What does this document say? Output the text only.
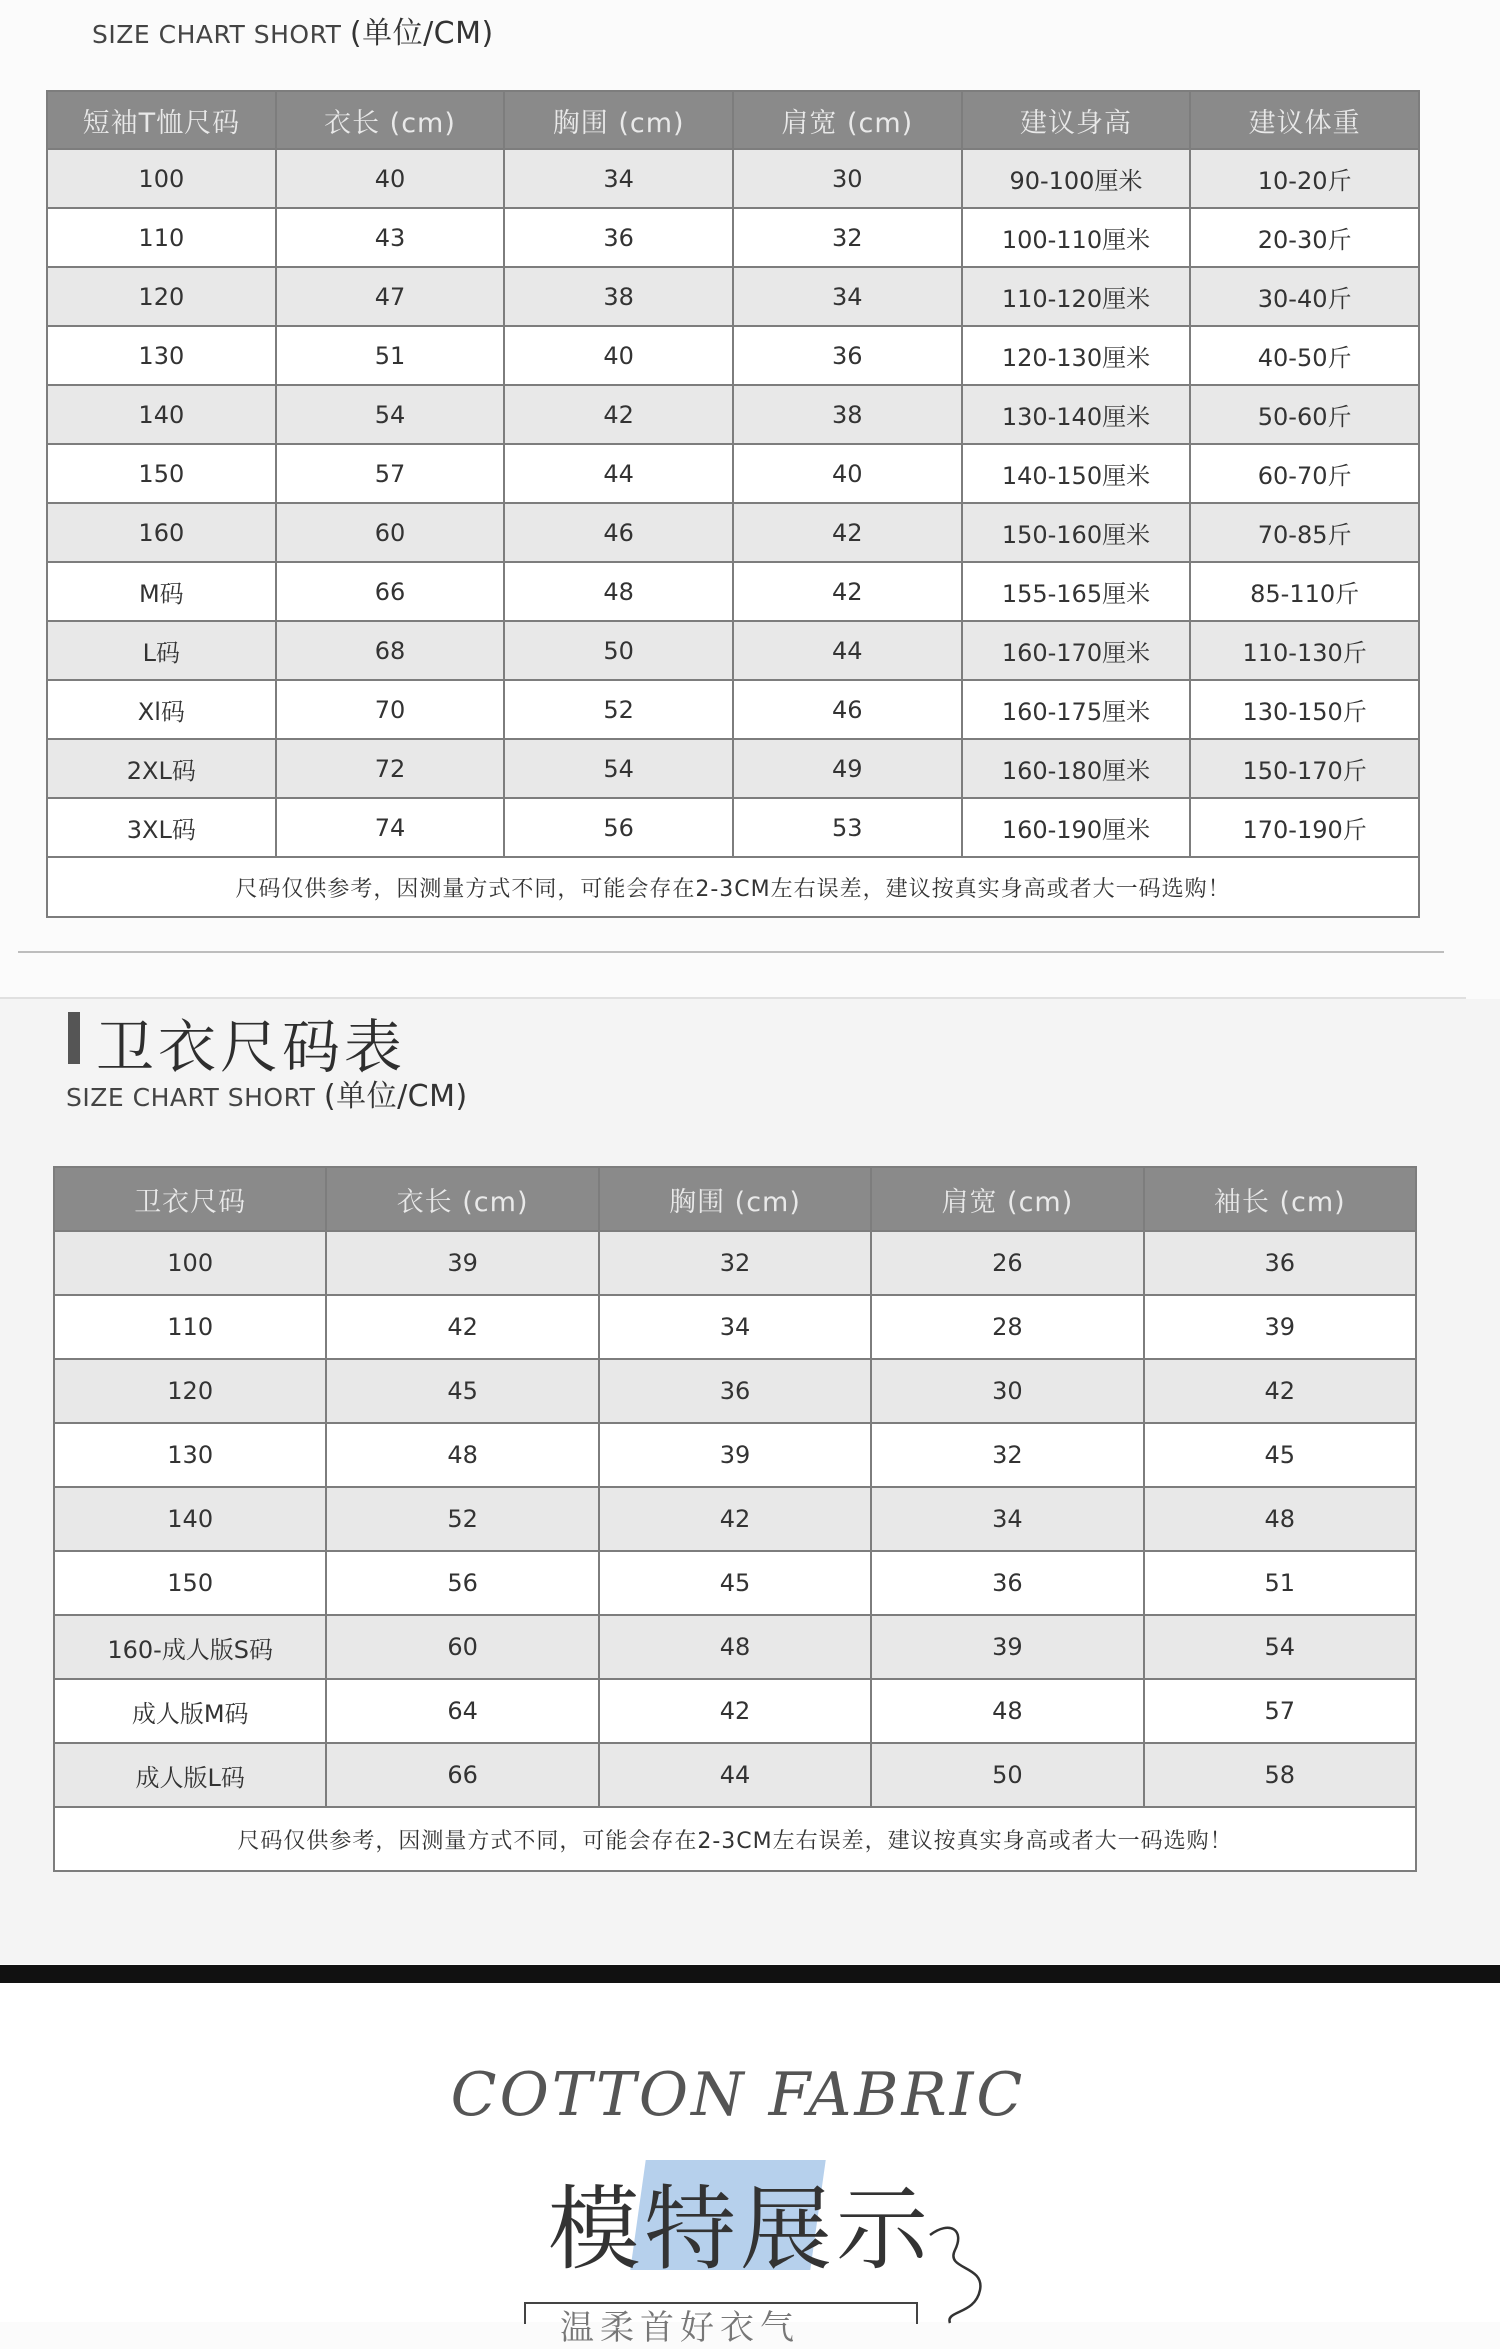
SIZE CHART SHORT (单位/CM)
短袖T恤尺码	衣长 (cm)	胸围 (cm)	肩宽 (cm)	建议身高	建议体重
100	40	34	30	90-100厘米	10-20斤
110	43	36	32	100-110厘米	20-30斤
120	47	38	34	110-120厘米	30-40斤
130	51	40	36	120-130厘米	40-50斤
140	54	42	38	130-140厘米	50-60斤
150	57	44	40	140-150厘米	60-70斤
160	60	46	42	150-160厘米	70-85斤
M码	66	48	42	155-165厘米	85-110斤
L码	68	50	44	160-170厘米	110-130斤
Xl码	70	52	46	160-175厘米	130-150斤
2XL码	72	54	49	160-180厘米	150-170斤
3XL码	74	56	53	160-190厘米	170-190斤
尺码仅供参考，因测量方式不同，可能会存在2-3CM左右误差，建议按真实身高或者大一码选购！					
卫衣尺码表
SIZE CHART SHORT (单位/CM)
卫衣尺码	衣长 (cm)	胸围 (cm)	肩宽 (cm)	袖长 (cm)
100	39	32	26	36
110	42	34	28	39
120	45	36	30	42
130	48	39	32	45
140	52	42	34	48
150	56	45	36	51
160-成人版S码	60	48	39	54
成人版M码	64	42	48	57
成人版L码	66	44	50	58
尺码仅供参考，因测量方式不同，可能会存在2-3CM左右误差，建议按真实身高或者大一码选购！				
COTTON FABRIC
模特展示
温柔首好衣气
